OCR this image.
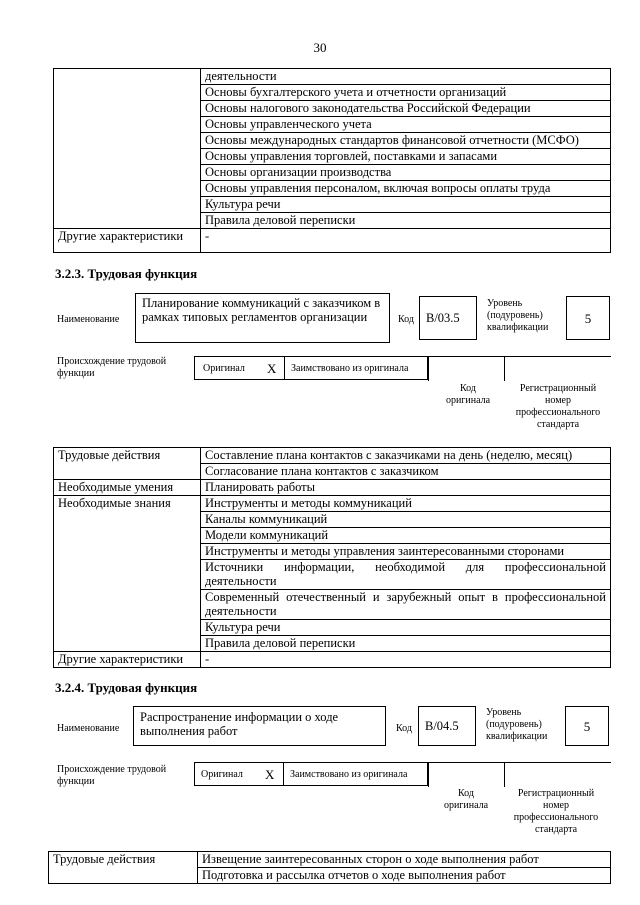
30
	деятельности
	Основы бухгалтерского учета и отчетности организаций
	Основы налогового законодательства Российской Федерации
	Основы управленческого учета
	Основы международных стандартов финансовой отчетности (МСФО)
	Основы управления торговлей, поставками и запасами
	Основы организации производства
	Основы управления персоналом, включая вопросы оплаты труда
	Культура речи
	Правила деловой переписки
Другие характеристики	-
3.2.3. Трудовая функция
Наименование
Планирование коммуникаций с заказчиком в рамках типовых регламентов организации	Код B/03.5
Уровень (подуровень) квалификации
5
Происхождение трудовой функции	Оригинал X Заимствовано из оригинала
Код оригинала
Регистрационный номер профессионального стандарта
Трудовые действия	Составление плана контактов с заказчиками на день (неделю, месяц)
	Согласование плана контактов с заказчиком
Необходимые умения	Планировать работы
Необходимые знания	Инструменты и методы коммуникаций
	Каналы коммуникаций
	Модели коммуникаций
	Инструменты и методы управления заинтересованными сторонами
	Источники информации, необходимой для профессиональной деятельности
	Современный отечественный и зарубежный опыт в профессиональной деятельности
	Культура речи
	Правила деловой переписки
Другие характеристики	-
3.2.4. Трудовая функция
Наименование
Распространение информации о ходе выполнения работ	Код	B/04.5
Уровень (подуровень) квалификации
5
Происхождение трудовой функции
Оригинал X Заимствовано из оригинала
Код оригинала
Регистрационный номер профессионального стандарта
Трудовые действия	Извещение заинтересованных сторон о ходе выполнения работ
	Подготовка и рассылка отчетов о ходе выполнения работ
